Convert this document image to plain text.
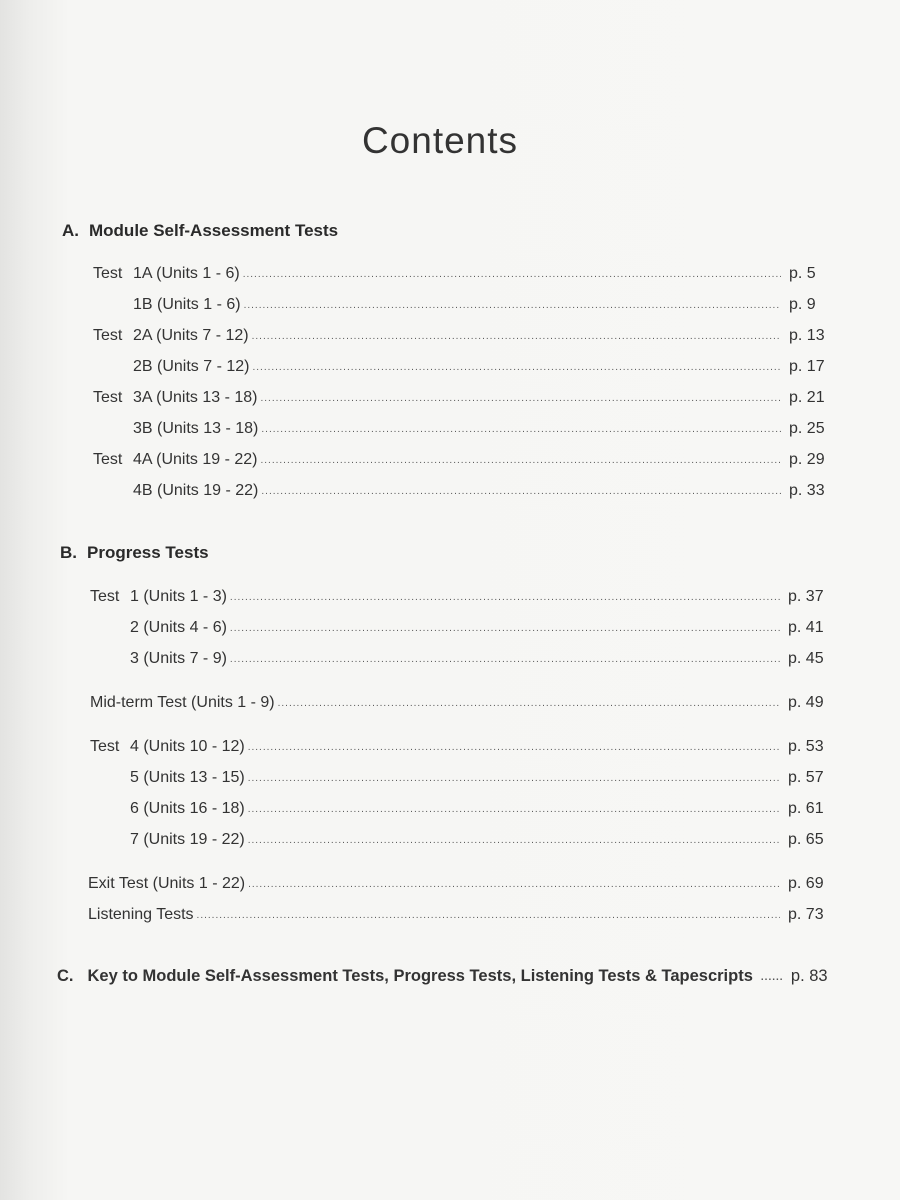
Contents
A. Module Self-Assessment Tests
Test 1A (Units 1 - 6) .....	p. 5
1B (Units 1 - 6) .....	p. 9
Test 2A (Units 7 - 12) .....	p. 13
2B (Units 7 - 12) .....	p. 17
Test 3A (Units 13 - 18) .....	p. 21
3B (Units 13 - 18) .....	p. 25
Test 4A (Units 19 - 22) .....	p. 29
4B (Units 19 - 22) .....	p. 33
B. Progress Tests
Test 1 (Units 1 - 3) .....	p. 37
2 (Units 4 - 6) .....	p. 41
3 (Units 7 - 9) .....	p. 45
Mid-term Test (Units 1 - 9) .....	p. 49
Test 4 (Units 10 - 12) .....	p. 53
5 (Units 13 - 15) .....	p. 57
6 (Units 16 - 18) .....	p. 61
7 (Units 19 - 22) .....	p. 65
Exit Test (Units 1 - 22) .....	p. 69
Listening Tests .....	p. 73
C. Key to Module Self-Assessment Tests, Progress Tests, Listening Tests & Tapescripts ..... p. 83
